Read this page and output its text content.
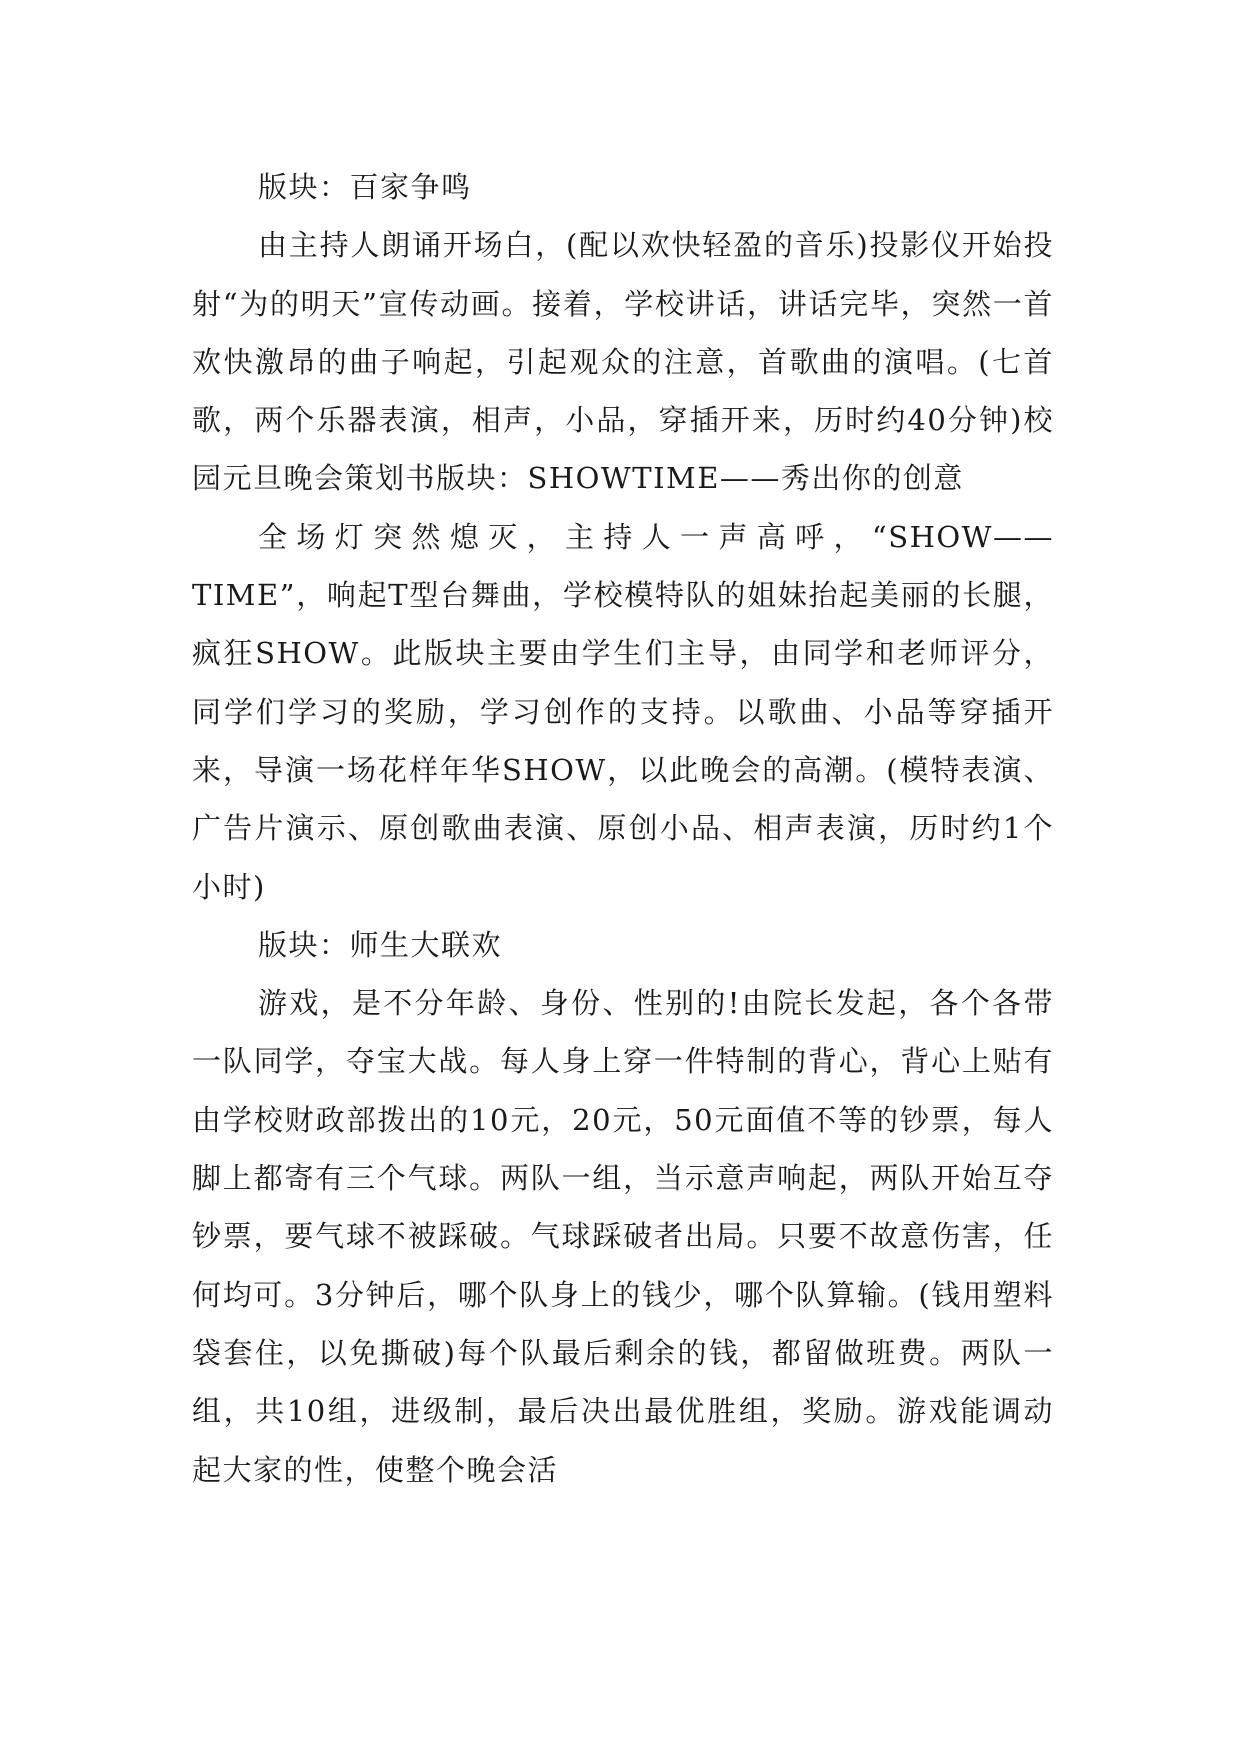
版块：百家争鸣

由主持人朗诵开场白，(配以欢快轻盈的音乐)投影仪开始投射“为的明天”宣传动画。接着，学校讲话，讲话完毕，突然一首欢快激昂的曲子响起，引起观众的注意，首歌曲的演唱。(七首歌，两个乐器表演，相声，小品，穿插开来，历时约40分钟)校园元旦晚会策划书版块：SHOWTIME——秀出你的创意

全场灯突然熄灭，主持人一声高呼，“SHOW——TIME”，响起T型台舞曲，学校模特队的姐妹抬起美丽的长腿，疯狂SHOW。此版块主要由学生们主导，由同学和老师评分，同学们学习的奖励，学习创作的支持。以歌曲、小品等穿插开来，导演一场花样年华SHOW，以此晚会的高潮。(模特表演、广告片演示、原创歌曲表演、原创小品、相声表演，历时约1个小时)

版块：师生大联欢

游戏，是不分年龄、身份、性别的!由院长发起，各个各带一队同学，夺宝大战。每人身上穿一件特制的背心，背心上贴有由学校财政部拨出的10元，20元，50元面值不等的钞票，每人脚上都寄有三个气球。两队一组，当示意声响起，两队开始互夺钞票，要气球不被踩破。气球踩破者出局。只要不故意伤害，任何均可。3分钟后，哪个队身上的钱少，哪个队算输。(钱用塑料袋套住，以免撕破)每个队最后剩余的钱，都留做班费。两队一组，共10组，进级制，最后决出最优胜组，奖励。游戏能调动起大家的性，使整个晚会活
